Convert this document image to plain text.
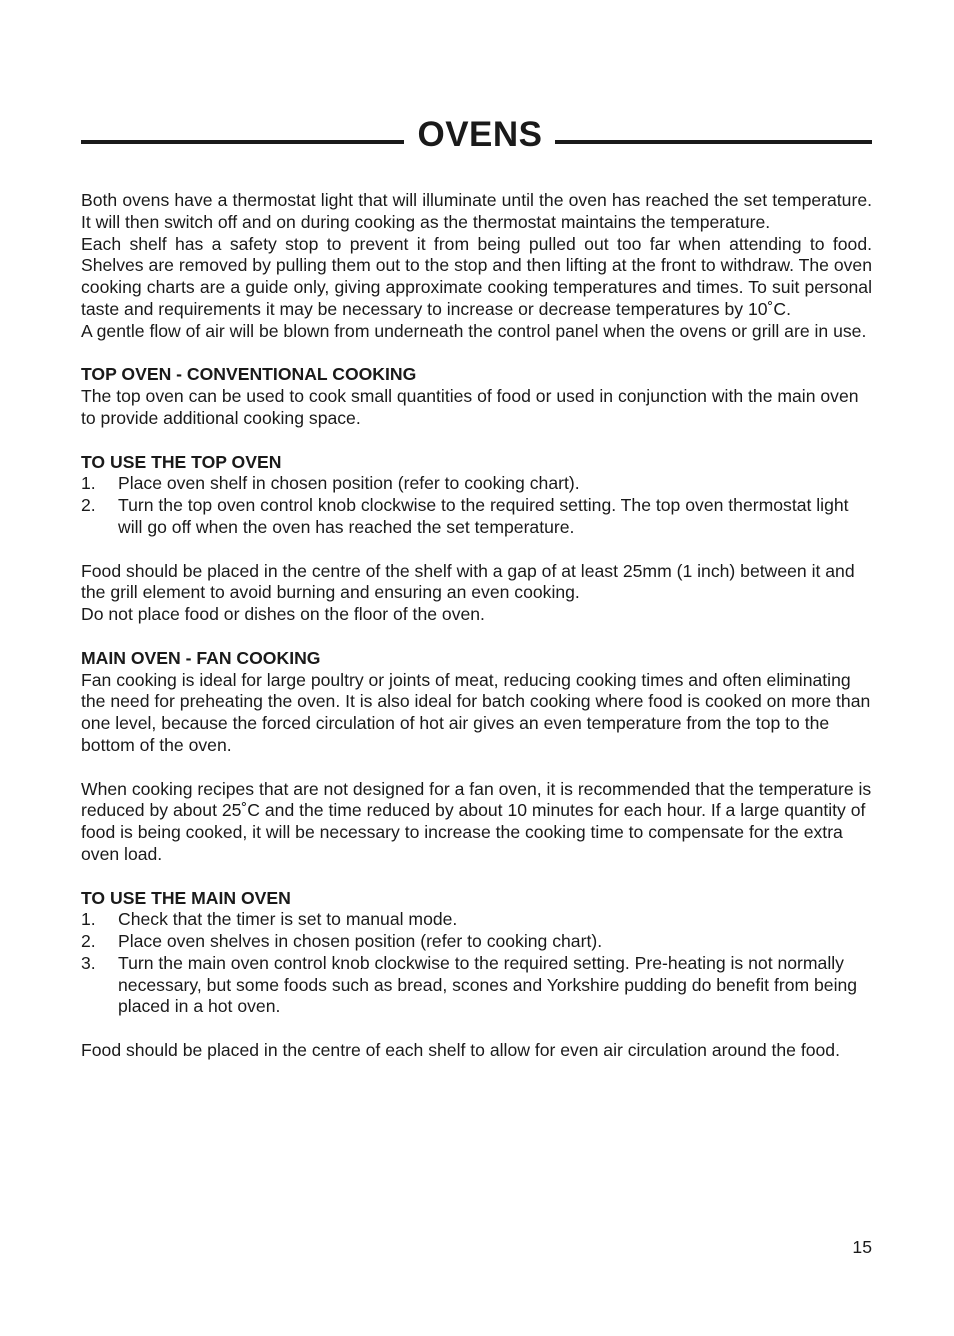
OVENS

Both ovens have a thermostat light that will illuminate until the oven has reached the set temperature. It will then switch off and on during cooking as the thermostat maintains the temperature.

Each shelf has a safety stop to prevent it from being pulled out too far when attending to food. Shelves are removed by pulling them out to the stop and then lifting at the front to withdraw. The oven cooking charts are a guide only, giving approximate cooking temperatures and times. To suit personal taste and requirements it may be necessary to increase or decrease temperatures by 10˚C.

A gentle flow of air will be blown from underneath the control panel when the ovens or grill are in use.

TOP OVEN - CONVENTIONAL COOKING

The top oven can be used to cook small quantities of food or used in conjunction with the main oven to provide additional cooking space.

TO USE THE TOP OVEN

1. Place oven shelf in chosen position (refer to cooking chart).
2. Turn the top oven control knob clockwise to the required setting. The top oven thermostat light will go off when the oven has reached the set temperature.

Food should be placed in the centre of the shelf with a gap of at least 25mm (1 inch) between it and the grill element to avoid burning and ensuring an even cooking.

Do not place food or dishes on the floor of the oven.

MAIN OVEN - FAN COOKING

Fan cooking is ideal for large poultry or joints of meat, reducing cooking times and often eliminating the need for preheating the oven. It is also ideal for batch cooking where food is cooked on more than one level, because the forced circulation of hot air gives an even temperature from the top to the bottom of the oven.

When cooking recipes that are not designed for a fan oven, it is recommended that the temperature is reduced by about 25˚C and the time reduced by about 10 minutes for each hour. If a large quantity of food is being cooked, it will be necessary to increase the cooking time to compensate for the extra oven load.

TO USE THE MAIN OVEN

1. Check that the timer is set to manual mode.
2. Place oven shelves in chosen position (refer to cooking chart).
3. Turn the main oven control knob clockwise to the required setting. Pre-heating is not normally necessary, but some foods such as bread, scones and Yorkshire pudding do benefit from being placed in a hot oven.

Food should be placed in the centre of each shelf to allow for even air circulation around the food.

15
